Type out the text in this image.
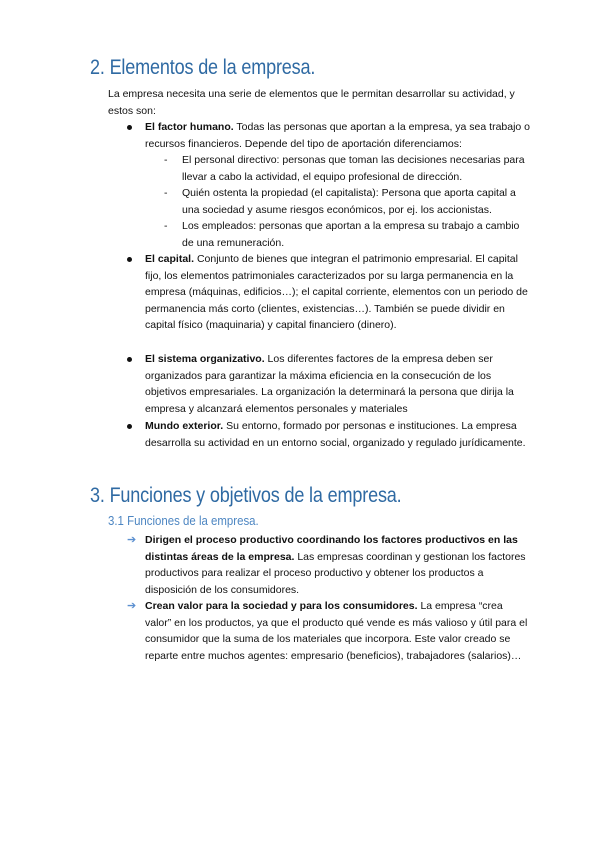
2. Elementos de la empresa.

La empresa necesita una serie de elementos que le permitan desarrollar su actividad, y estos son:

El factor humano. Todas las personas que aportan a la empresa, ya sea trabajo o recursos financieros. Depende del tipo de aportación diferenciamos:
- El personal directivo: personas que toman las decisiones necesarias para llevar a cabo la actividad, el equipo profesional de dirección.
- Quién ostenta la propiedad (el capitalista): Persona que aporta capital a una sociedad y asume riesgos económicos, por ej. los accionistas.
- Los empleados: personas que aportan a la empresa su trabajo a cambio de una remuneración.
El capital. Conjunto de bienes que integran el patrimonio empresarial. El capital fijo, los elementos patrimoniales caracterizados por su larga permanencia en la empresa (máquinas, edificios…); el capital corriente, elementos con un periodo de permanencia más corto (clientes, existencias…). También se puede dividir en capital físico (maquinaria) y capital financiero (dinero).
El sistema organizativo. Los diferentes factores de la empresa deben ser organizados para garantizar la máxima eficiencia en la consecución de los objetivos empresariales. La organización la determinará la persona que dirija la empresa y alcanzará elementos personales y materiales
Mundo exterior. Su entorno, formado por personas e instituciones. La empresa desarrolla su actividad en un entorno social, organizado y regulado jurídicamente.
3. Funciones y objetivos de la empresa.
3.1 Funciones de la empresa.
➔ Dirigen el proceso productivo coordinando los factores productivos en las distintas áreas de la empresa. Las empresas coordinan y gestionan los factores productivos para realizar el proceso productivo y obtener los productos a disposición de los consumidores.
➔ Crean valor para la sociedad y para los consumidores. La empresa “crea valor” en los productos, ya que el producto qué vende es más valioso y útil para el consumidor que la suma de los materiales que incorpora. Este valor creado se reparte entre muchos agentes: empresario (beneficios), trabajadores (salarios)…
